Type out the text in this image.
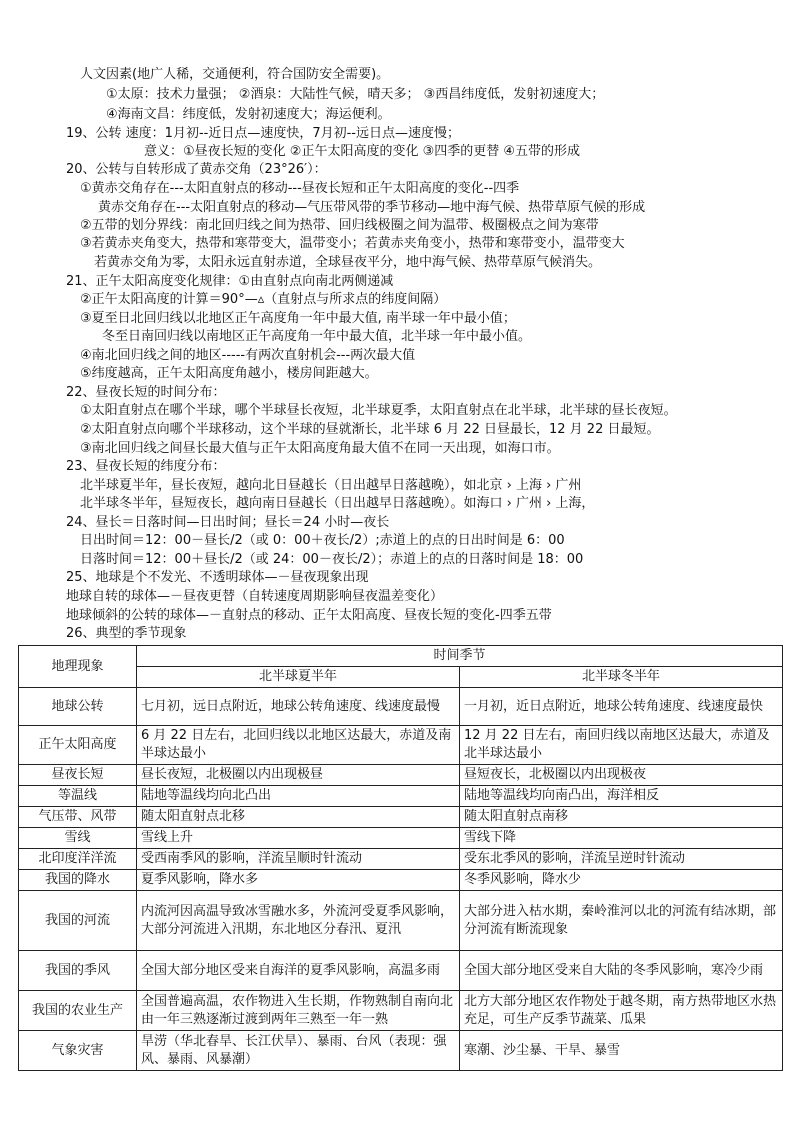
人文因素(地广人稀，交通便利，符合国防安全需要)。
①太原：技术力量强； ②酒泉：大陆性气候，晴天多； ③西昌纬度低，发射初速度大；
④海南文昌：纬度低，发射初速度大；海运便利。
19、公转 速度：1月初--近日点—速度快，7月初--远日点—速度慢；
意义：①昼夜长短的变化 ②正午太阳高度的变化 ③四季的更替 ④五带的形成
20、公转与自转形成了黄赤交角（23°26′）：
①黄赤交角存在---太阳直射点的移动---昼夜长短和正午太阳高度的变化--四季
黄赤交角存在---太阳直射点的移动—气压带风带的季节移动—地中海气候、热带草原气候的形成
②五带的划分界线：南北回归线之间为热带、回归线极圈之间为温带、极圈极点之间为寒带
③若黄赤夹角变大，热带和寒带变大，温带变小；若黄赤夹角变小，热带和寒带变小，温带变大
若黄赤交角为零，太阳永远直射赤道，全球昼夜平分，地中海气候、热带草原气候消失。
21、正午太阳高度变化规律：①由直射点向南北两侧递减
②正午太阳高度的计算＝90°—▵（直射点与所求点的纬度间隔）
③夏至日北回归线以北地区正午高度角一年中最大值, 南半球一年中最小值；
冬至日南回归线以南地区正午高度角一年中最大值，北半球一年中最小值。
④南北回归线之间的地区-----有两次直射机会---两次最大值
⑤纬度越高，正午太阳高度角越小，楼房间距越大。
22、昼夜长短的时间分布：
①太阳直射点在哪个半球，哪个半球昼长夜短，北半球夏季，太阳直射点在北半球，北半球的昼长夜短。
②太阳直射点向哪个半球移动，这个半球的昼就渐长，北半球 6 月 22 日昼最长，12 月 22 日最短。
③南北回归线之间昼长最大值与正午太阳高度角最大值不在同一天出现，如海口市。
23、昼夜长短的纬度分布：
北半球夏半年，昼长夜短，越向北日昼越长（日出越早日落越晚），如北京 › 上海 › 广州
北半球冬半年，昼短夜长，越向南日昼越长（日出越早日落越晚）。如海口 › 广州 › 上海，
24、昼长＝日落时间—日出时间；昼长＝24 小时—夜长
日出时间＝12：00－昼长/2（或 0：00＋夜长/2）;赤道上的点的日出时间是 6：00
日落时间＝12：00＋昼长/2（或 24：00－夜长/2）；赤道上的点的日落时间是 18：00
25、地球是个不发光、不透明球体—－昼夜现象出现
地球自转的球体—－昼夜更替（自转速度周期影响昼夜温差变化）
地球倾斜的公转的球体—－直射点的移动、正午太阳高度、昼夜长短的变化-四季五带
26、典型的季节现象
地理现象	时间季节	
	北半球夏半年	北半球冬半年
地球公转	七月初，远日点附近，地球公转角速度、线速度最慢	一月初，近日点附近，地球公转角速度、线速度最快
正午太阳高度	6 月 22 日左右，北回归线以北地区达最大，赤道及南半球达最小	12 月 22 日左右，南回归线以南地区达最大，赤道及北半球达最小
昼夜长短	昼长夜短，北极圈以内出现极昼	昼短夜长，北极圈以内出现极夜
等温线	陆地等温线均向北凸出	陆地等温线均向南凸出，海洋相反
气压带、风带	随太阳直射点北移	随太阳直射点南移
雪线	雪线上升	雪线下降
北印度洋洋流	受西南季风的影响，洋流呈顺时针流动	受东北季风的影响，洋流呈逆时针流动
我国的降水	夏季风影响，降水多	冬季风影响，降水少
我国的河流	内流河因高温导致冰雪融水多，外流河受夏季风影响，大部分河流进入汛期，东北地区分春汛、夏汛	大部分进入枯水期，秦岭淮河以北的河流有结冰期，部分河流有断流现象
我国的季风	全国大部分地区受来自海洋的夏季风影响，高温多雨	全国大部分地区受来自大陆的冬季风影响，寒冷少雨
我国的农业生产	全国普遍高温，农作物进入生长期，作物熟制自南向北由一年三熟逐渐过渡到两年三熟至一年一熟	北方大部分地区农作物处于越冬期，南方热带地区水热充足，可生产反季节蔬菜、瓜果
气象灾害	旱涝（华北春旱、长江伏旱）、暴雨、台风（表现：强风、暴雨、风暴潮）	寒潮、沙尘暴、干旱、暴雪
